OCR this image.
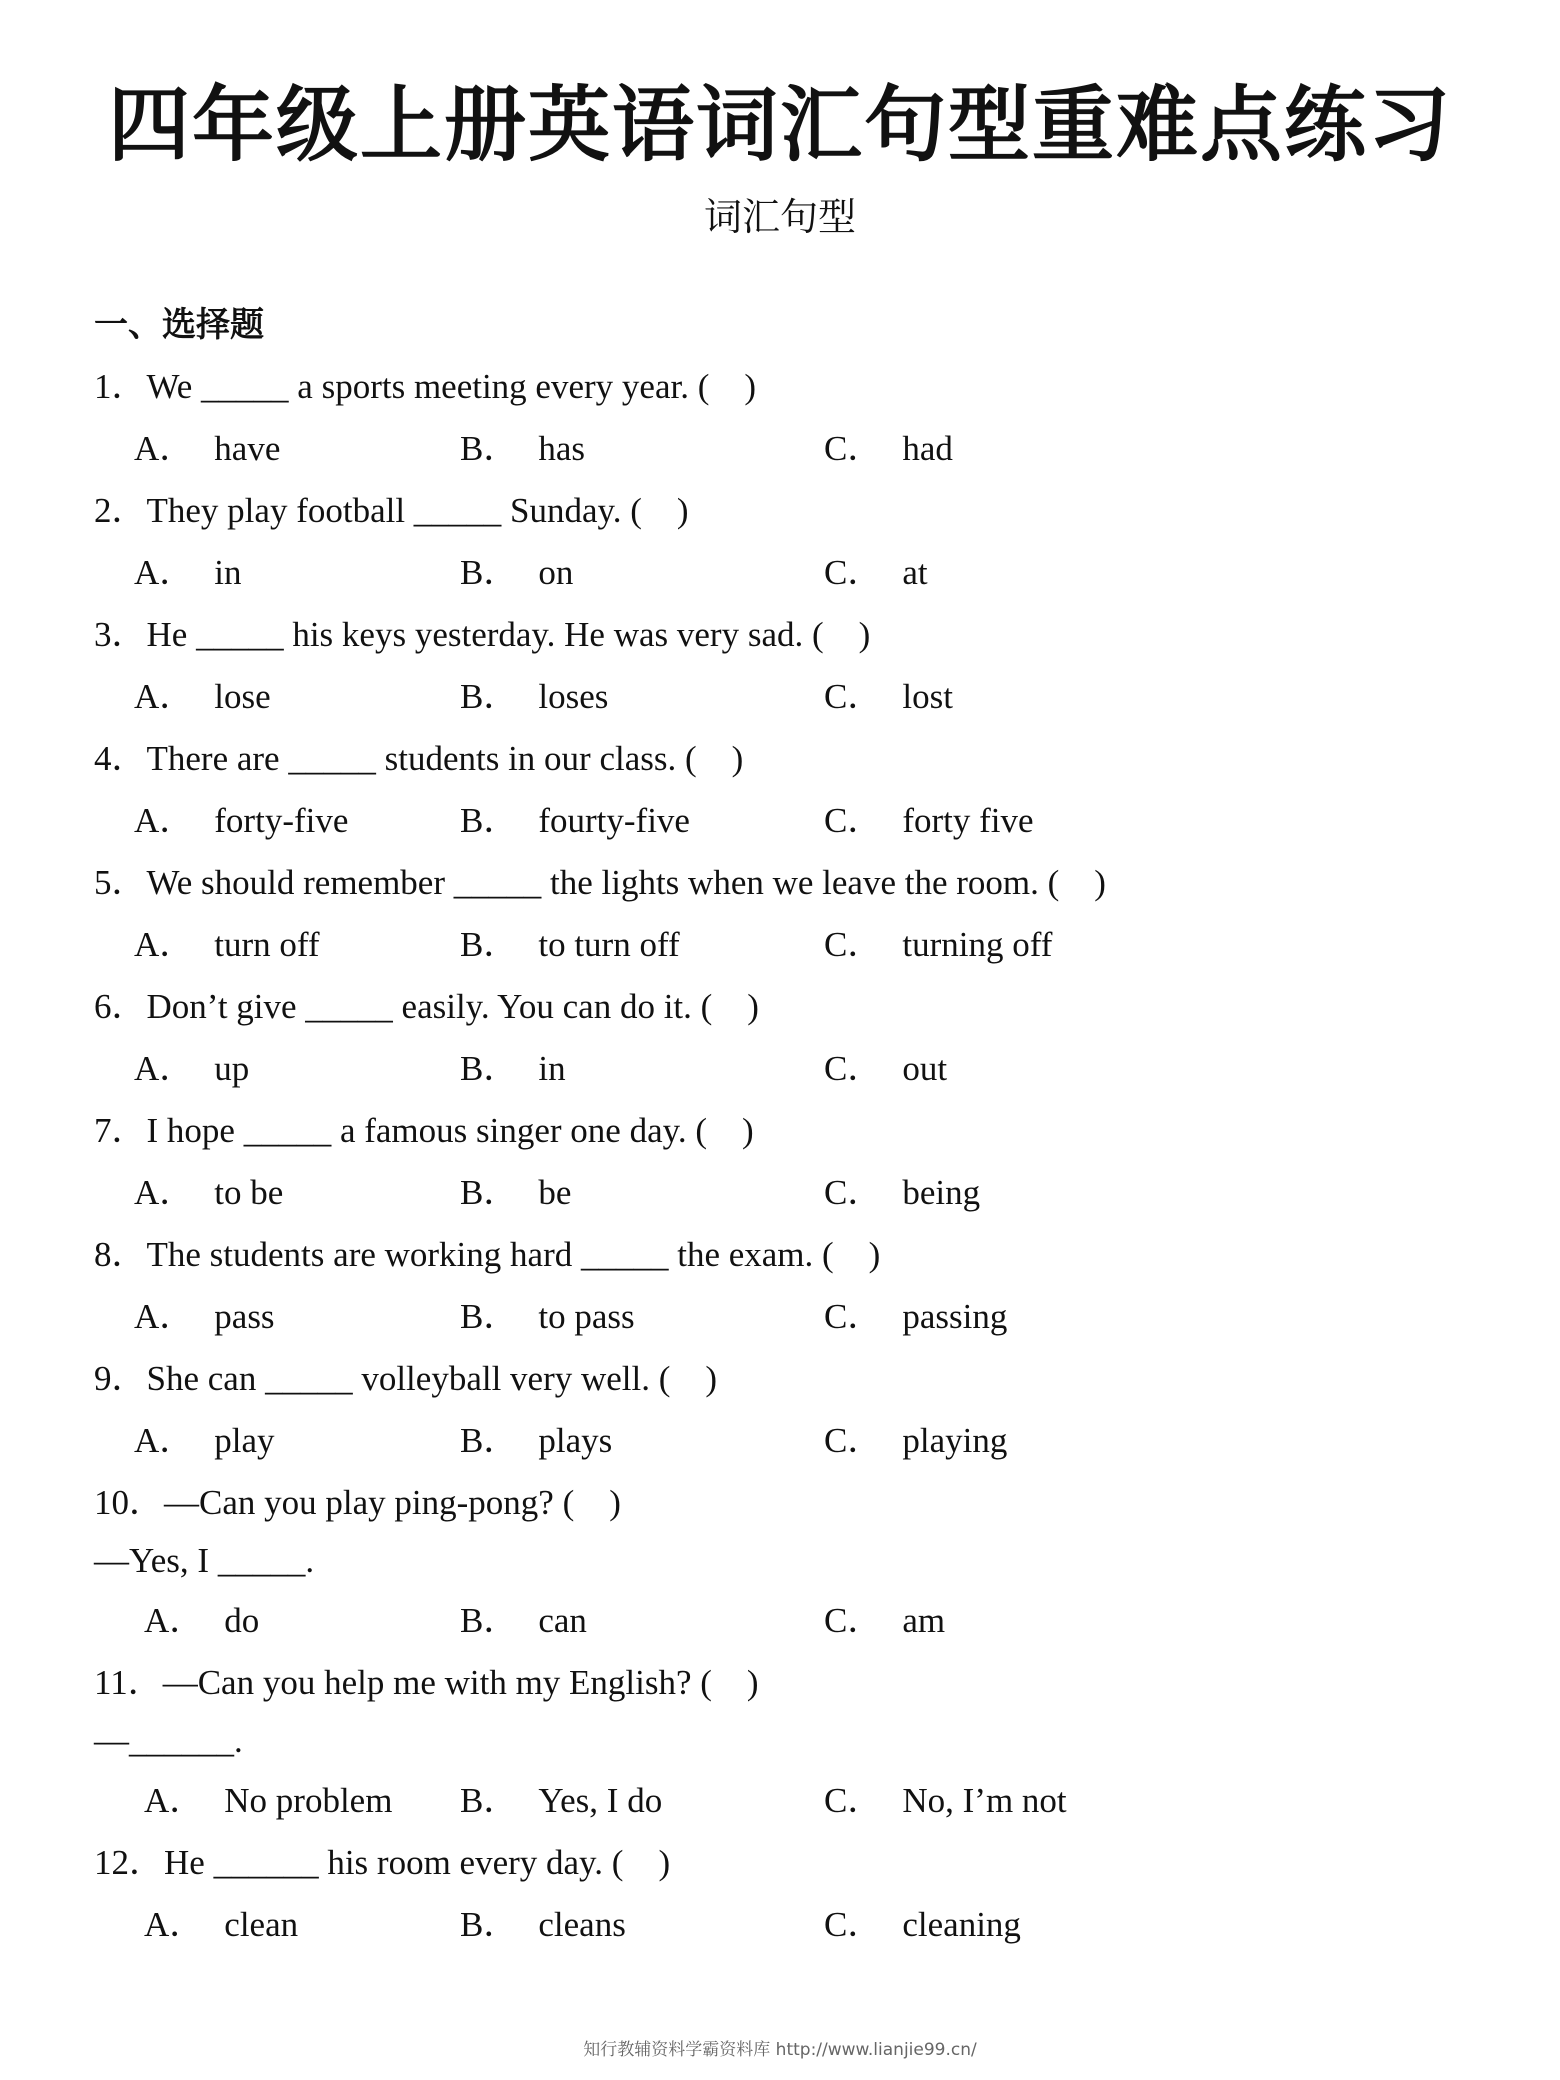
四年级上册英语词汇句型重难点练习
词汇句型
一、选择题
1．We _____ a sports meeting every year. (　)
A． have	B． has	C． had
2．They play football _____ Sunday. (　)
A． in	B． on	C． at
3．He _____ his keys yesterday. He was very sad. (　)
A． lose	B． loses	C． lost
4．There are _____ students in our class. (　)
A． forty-five	B． fourty-five	C． forty five
5．We should remember _____ the lights when we leave the room. (　)
A． turn off	B． to turn off	C． turning off
6．Don’t give _____ easily. You can do it. (　)
A． up	B． in	C． out
7．I hope _____ a famous singer one day. (　)
A． to be	B． be	C． being
8．The students are working hard _____ the exam. (　)
A． pass	B． to pass	C． passing
9．She can _____ volleyball very well. (　)
A． play	B． plays	C． playing
10．—Can you play ping-pong? (　)
—Yes, I _____.
A． do	B． can	C． am
11．—Can you help me with my English? (　)
—______.
A． No problem B． Yes, I do	C． No, I’m not
12．He ______ his room every day. (　)
A． clean	B． cleans	C． cleaning
知行教辅资料学霸资料库 http://www.lianjie99.cn/
